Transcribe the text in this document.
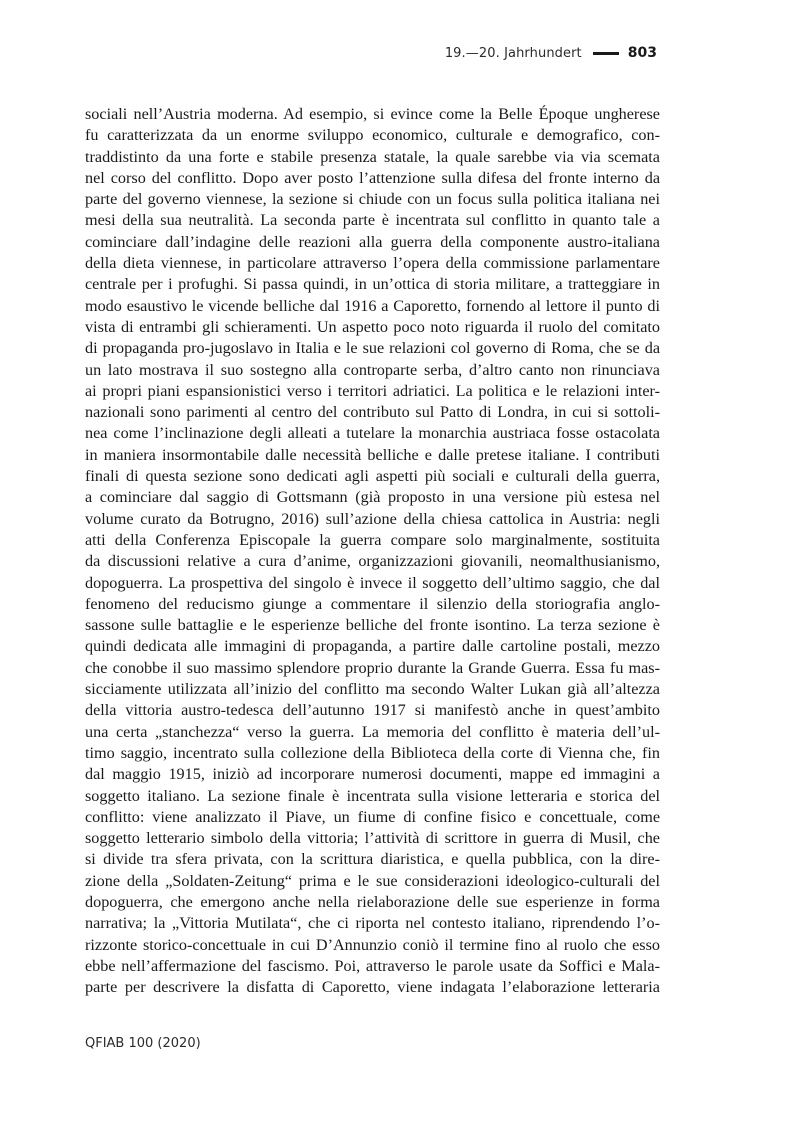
19.—20. Jahrhundert	803
sociali nell’Austria moderna. Ad esempio, si evince come la Belle Époque ungherese
fu caratterizzata da un enorme sviluppo economico, culturale e demografico, con-
traddistinto da una forte e stabile presenza statale, la quale sarebbe via via scemata
nel corso del conflitto. Dopo aver posto l’attenzione sulla difesa del fronte interno da
parte del governo viennese, la sezione si chiude con un focus sulla politica italiana nei
mesi della sua neutralità. La seconda parte è incentrata sul conflitto in quanto tale a
cominciare dall’indagine delle reazioni alla guerra della componente austro-italiana
della dieta viennese, in particolare attraverso l’opera della commissione parlamentare
centrale per i profughi. Si passa quindi, in un’ottica di storia militare, a tratteggiare in
modo esaustivo le vicende belliche dal 1916 a Caporetto, fornendo al lettore il punto di
vista di entrambi gli schieramenti. Un aspetto poco noto riguarda il ruolo del comitato
di propaganda pro-jugoslavo in Italia e le sue relazioni col governo di Roma, che se da
un lato mostrava il suo sostegno alla controparte serba, d’altro canto non rinunciava
ai propri piani espansionistici verso i territori adriatici. La politica e le relazioni inter-
nazionali sono parimenti al centro del contributo sul Patto di Londra, in cui si sottoli-
nea come l’inclinazione degli alleati a tutelare la monarchia austriaca fosse ostacolata
in maniera insormontabile dalle necessità belliche e dalle pretese italiane. I contributi
finali di questa sezione sono dedicati agli aspetti più sociali e culturali della guerra,
a cominciare dal saggio di Gottsmann (già proposto in una versione più estesa nel
volume curato da Botrugno, 2016) sull’azione della chiesa cattolica in Austria: negli
atti della Conferenza Episcopale la guerra compare solo marginalmente, sostituita
da discussioni relative a cura d’anime, organizzazioni giovanili, neomalthusianismo,
dopoguerra. La prospettiva del singolo è invece il soggetto dell’ultimo saggio, che dal
fenomeno del reducismo giunge a commentare il silenzio della storiografia anglo-
sassone sulle battaglie e le esperienze belliche del fronte isontino. La terza sezione è
quindi dedicata alle immagini di propaganda, a partire dalle cartoline postali, mezzo
che conobbe il suo massimo splendore proprio durante la Grande Guerra. Essa fu mas-
sicciamente utilizzata all’inizio del conflitto ma secondo Walter Lukan già all’altezza
della vittoria austro-tedesca dell’autunno 1917 si manifestò anche in quest’ambito
una certa „stanchezza“ verso la guerra. La memoria del conflitto è materia dell’ul-
timo saggio, incentrato sulla collezione della Biblioteca della corte di Vienna che, fin
dal maggio 1915, iniziò ad incorporare numerosi documenti, mappe ed immagini a
soggetto italiano. La sezione finale è incentrata sulla visione letteraria e storica del
conflitto: viene analizzato il Piave, un fiume di confine fisico e concettuale, come
soggetto letterario simbolo della vittoria; l’attività di scrittore in guerra di Musil, che
si divide tra sfera privata, con la scrittura diaristica, e quella pubblica, con la dire-
zione della „Soldaten-Zeitung“ prima e le sue considerazioni ideologico-culturali del
dopoguerra, che emergono anche nella rielaborazione delle sue esperienze in forma
narrativa; la „Vittoria Mutilata“, che ci riporta nel contesto italiano, riprendendo l’o-
rizzonte storico-concettuale in cui D’Annunzio coniò il termine fino al ruolo che esso
ebbe nell’affermazione del fascismo. Poi, attraverso le parole usate da Soffici e Mala-
parte per descrivere la disfatta di Caporetto, viene indagata l’elaborazione letteraria
QFIAB 100 (2020)
